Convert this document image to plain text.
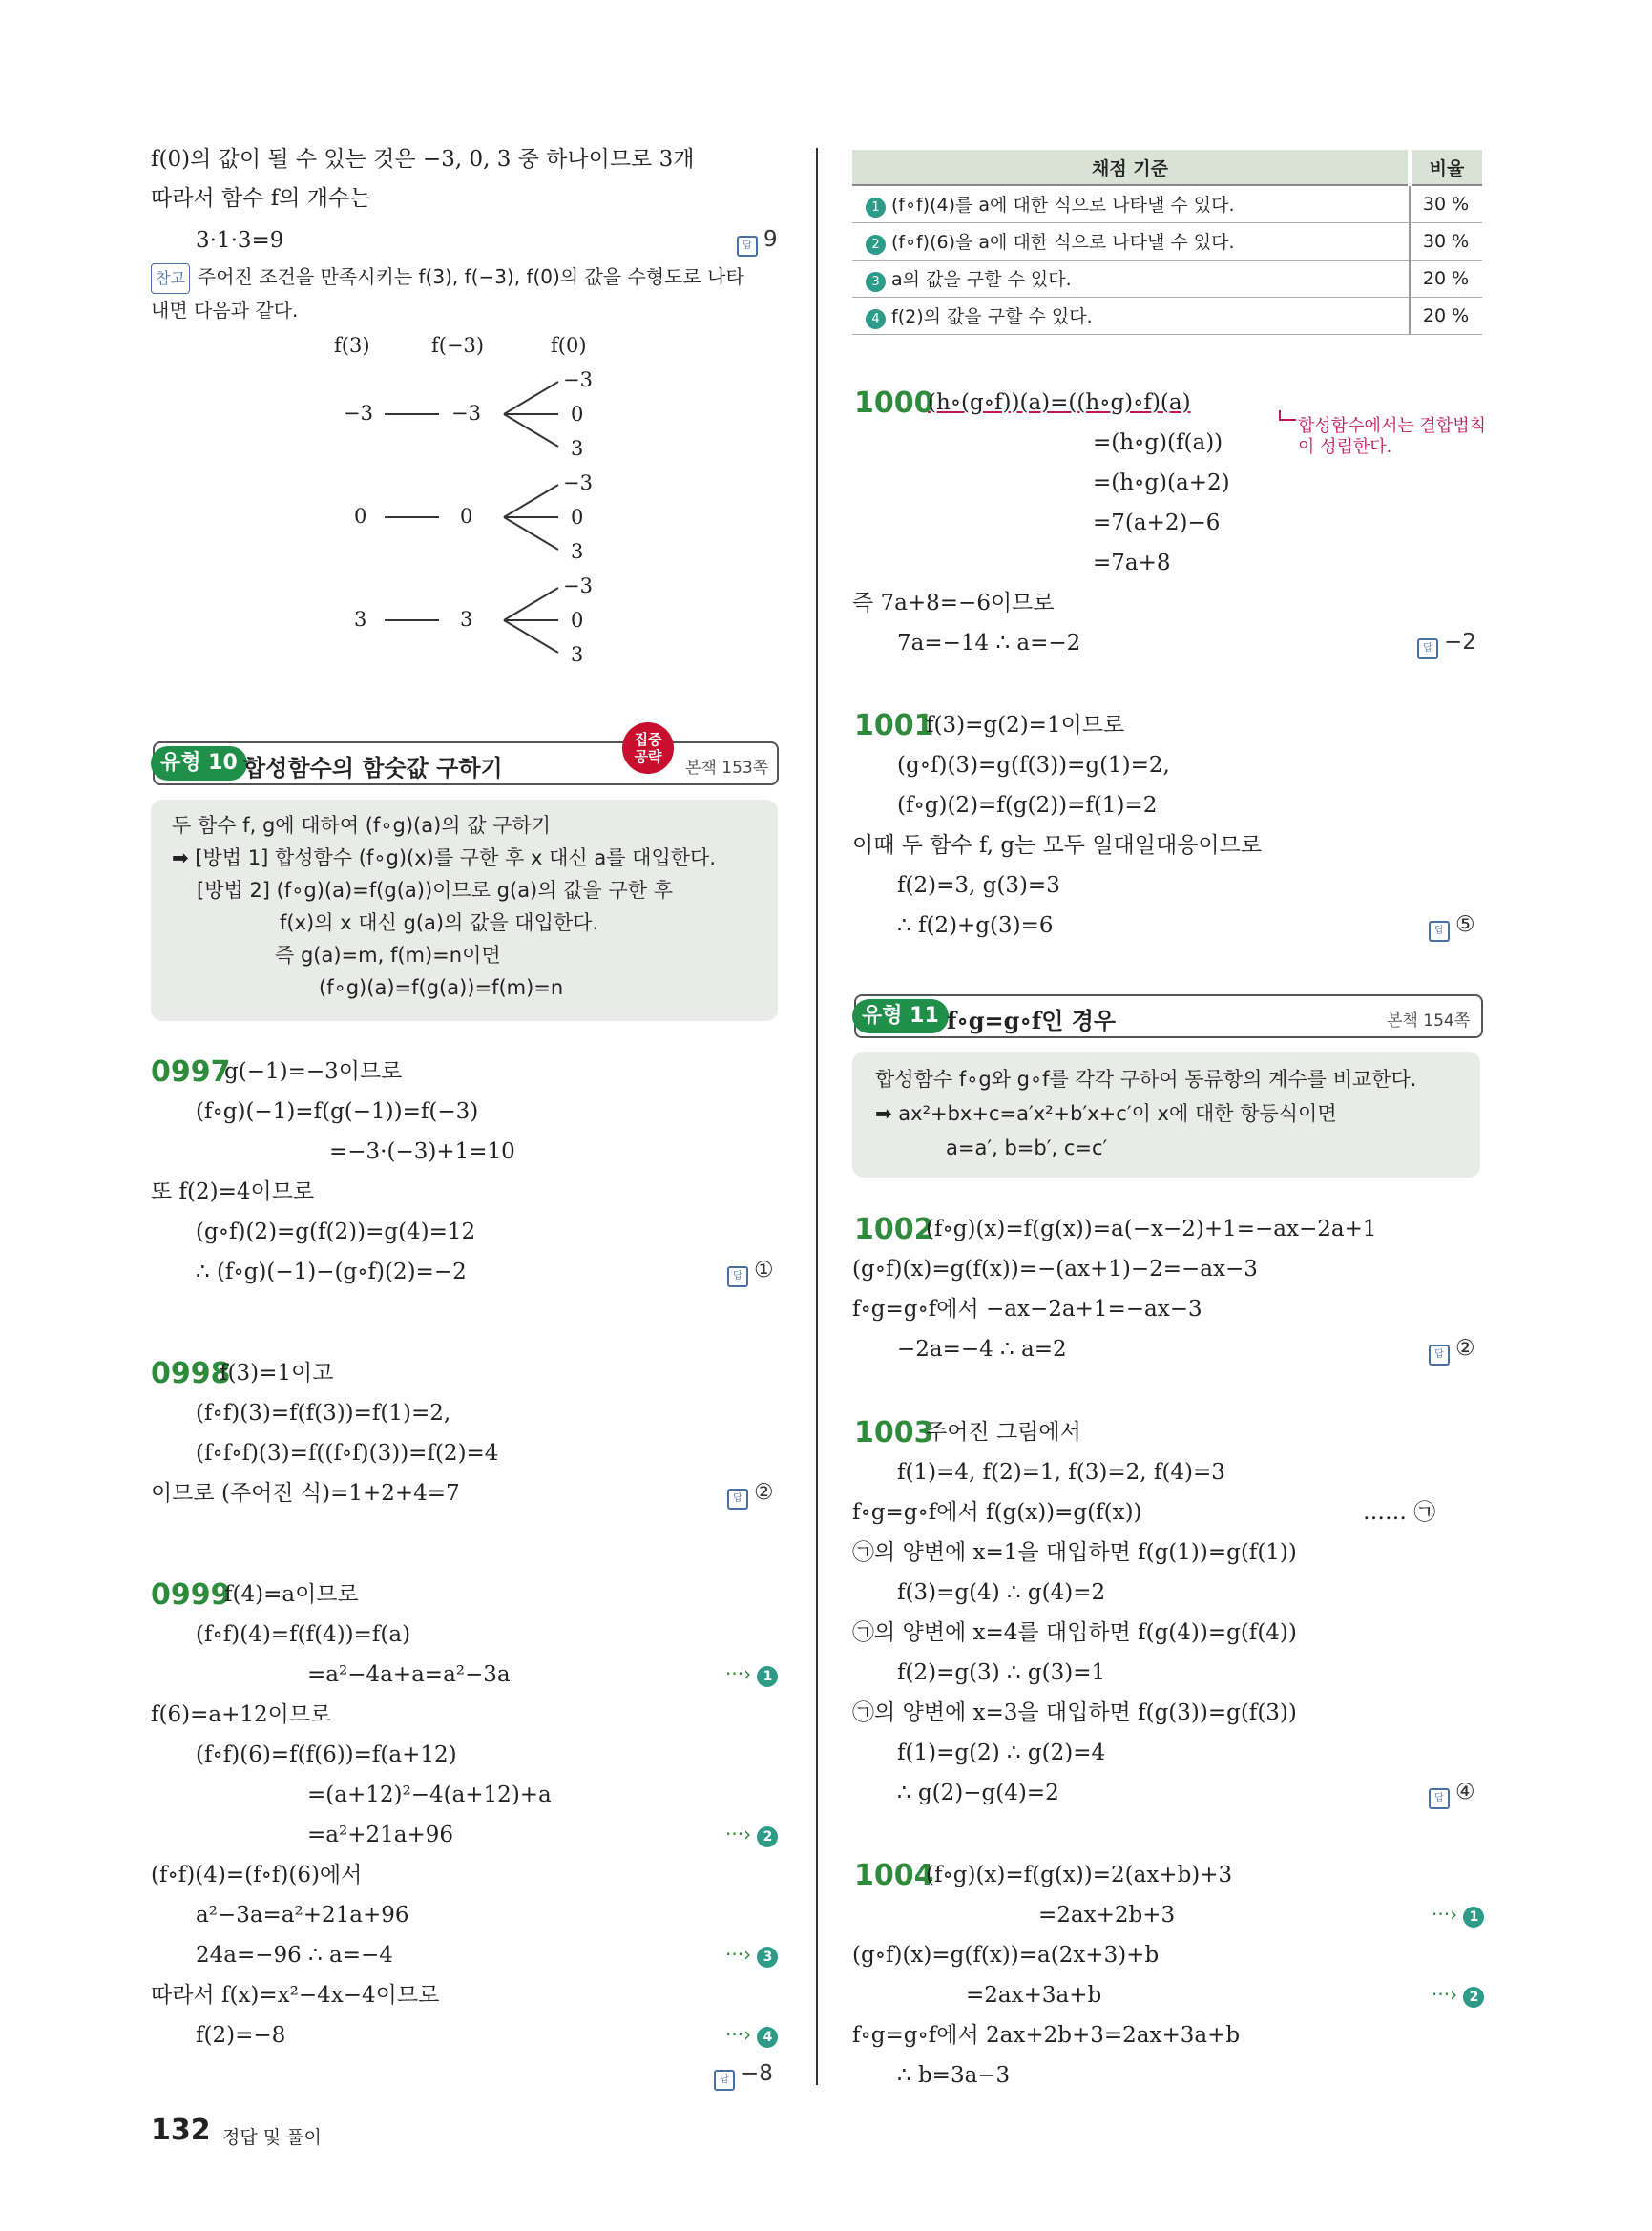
f(0)의 값이 될 수 있는 것은 −3, 0, 3 중 하나이므로 3개
따라서 함수 f의 개수는
3·1·3=9	답 9
참고 주어진 조건을 만족시키는 f(3), f(−3), f(0)의 값을 수형도로 나타
내면 다음과 같다.
f(3)	f(−3)	f(0)
−3	−3
−3
0
3
0	0
−3
0
3
3	3
−3
0
3
유형 10 합성함수의 함숫값 구하기
집중
공략
본책 153쪽
두 함수 f, g에 대하여 (f∘g)(a)의 값 구하기
➡ [방법 1] 합성함수 (f∘g)(x)를 구한 후 x 대신 a를 대입한다.
[방법 2] (f∘g)(a)=f(g(a))이므로 g(a)의 값을 구한 후
f(x)의 x 대신 g(a)의 값을 대입한다.
즉 g(a)=m, f(m)=n이면
(f∘g)(a)=f(g(a))=f(m)=n
0997
g(−1)=−3이므로
(f∘g)(−1)=f(g(−1))=f(−3)
=−3·(−3)+1=10
또 f(2)=4이므로
(g∘f)(2)=g(f(2))=g(4)=12
∴ (f∘g)(−1)−(g∘f)(2)=−2	답 ①
0998
f(3)=1이고
(f∘f)(3)=f(f(3))=f(1)=2,
(f∘f∘f)(3)=f((f∘f)(3))=f(2)=4
이므로 (주어진 식)=1+2+4=7	답 ②
0999
f(4)=a이므로
(f∘f)(4)=f(f(4))=f(a)
=a²−4a+a=a²−3a	···› 1
f(6)=a+12이므로
(f∘f)(6)=f(f(6))=f(a+12)
=(a+12)²−4(a+12)+a
=a²+21a+96	···› 2
(f∘f)(4)=(f∘f)(6)에서
a²−3a=a²+21a+96
24a=−96 ∴ a=−4	···› 3
따라서 f(x)=x²−4x−4이므로
f(2)=−8	···› 4
답 −8
채점 기준	비율
1 (f∘f)(4)를 a에 대한 식으로 나타낼 수 있다.	30 %
2 (f∘f)(6)을 a에 대한 식으로 나타낼 수 있다.	30 %
3 a의 값을 구할 수 있다.	20 %
4 f(2)의 값을 구할 수 있다.	20 %
1000
(h∘(g∘f))(a)=((h∘g)∘f)(a)
합성함수에서는 결합법칙
이 성립한다.
=(h∘g)(f(a))
=(h∘g)(a+2)
=7(a+2)−6
=7a+8
즉 7a+8=−6이므로
7a=−14 ∴ a=−2	답 −2
1001
f(3)=g(2)=1이므로
(g∘f)(3)=g(f(3))=g(1)=2,
(f∘g)(2)=f(g(2))=f(1)=2
이때 두 함수 f, g는 모두 일대일대응이므로
f(2)=3, g(3)=3
∴ f(2)+g(3)=6	답 ⑤
유형 11 f∘g=g∘f인 경우	본책 154쪽
합성함수 f∘g와 g∘f를 각각 구하여 동류항의 계수를 비교한다.
➡ ax²+bx+c=a′x²+b′x+c′이 x에 대한 항등식이면
a=a′, b=b′, c=c′
1002
(f∘g)(x)=f(g(x))=a(−x−2)+1=−ax−2a+1
(g∘f)(x)=g(f(x))=−(ax+1)−2=−ax−3
f∘g=g∘f에서 −ax−2a+1=−ax−3
−2a=−4 ∴ a=2	답 ②
1003
주어진 그림에서
f(1)=4, f(2)=1, f(3)=2, f(4)=3
f∘g=g∘f에서 f(g(x))=g(f(x))	…… ㉠
㉠의 양변에 x=1을 대입하면 f(g(1))=g(f(1))
f(3)=g(4) ∴ g(4)=2
㉠의 양변에 x=4를 대입하면 f(g(4))=g(f(4))
f(2)=g(3) ∴ g(3)=1
㉠의 양변에 x=3을 대입하면 f(g(3))=g(f(3))
f(1)=g(2) ∴ g(2)=4
∴ g(2)−g(4)=2	답 ④
1004
(f∘g)(x)=f(g(x))=2(ax+b)+3
=2ax+2b+3	···› 1
(g∘f)(x)=g(f(x))=a(2x+3)+b
=2ax+3a+b	···› 2
f∘g=g∘f에서 2ax+2b+3=2ax+3a+b
∴ b=3a−3
132 정답 및 풀이
